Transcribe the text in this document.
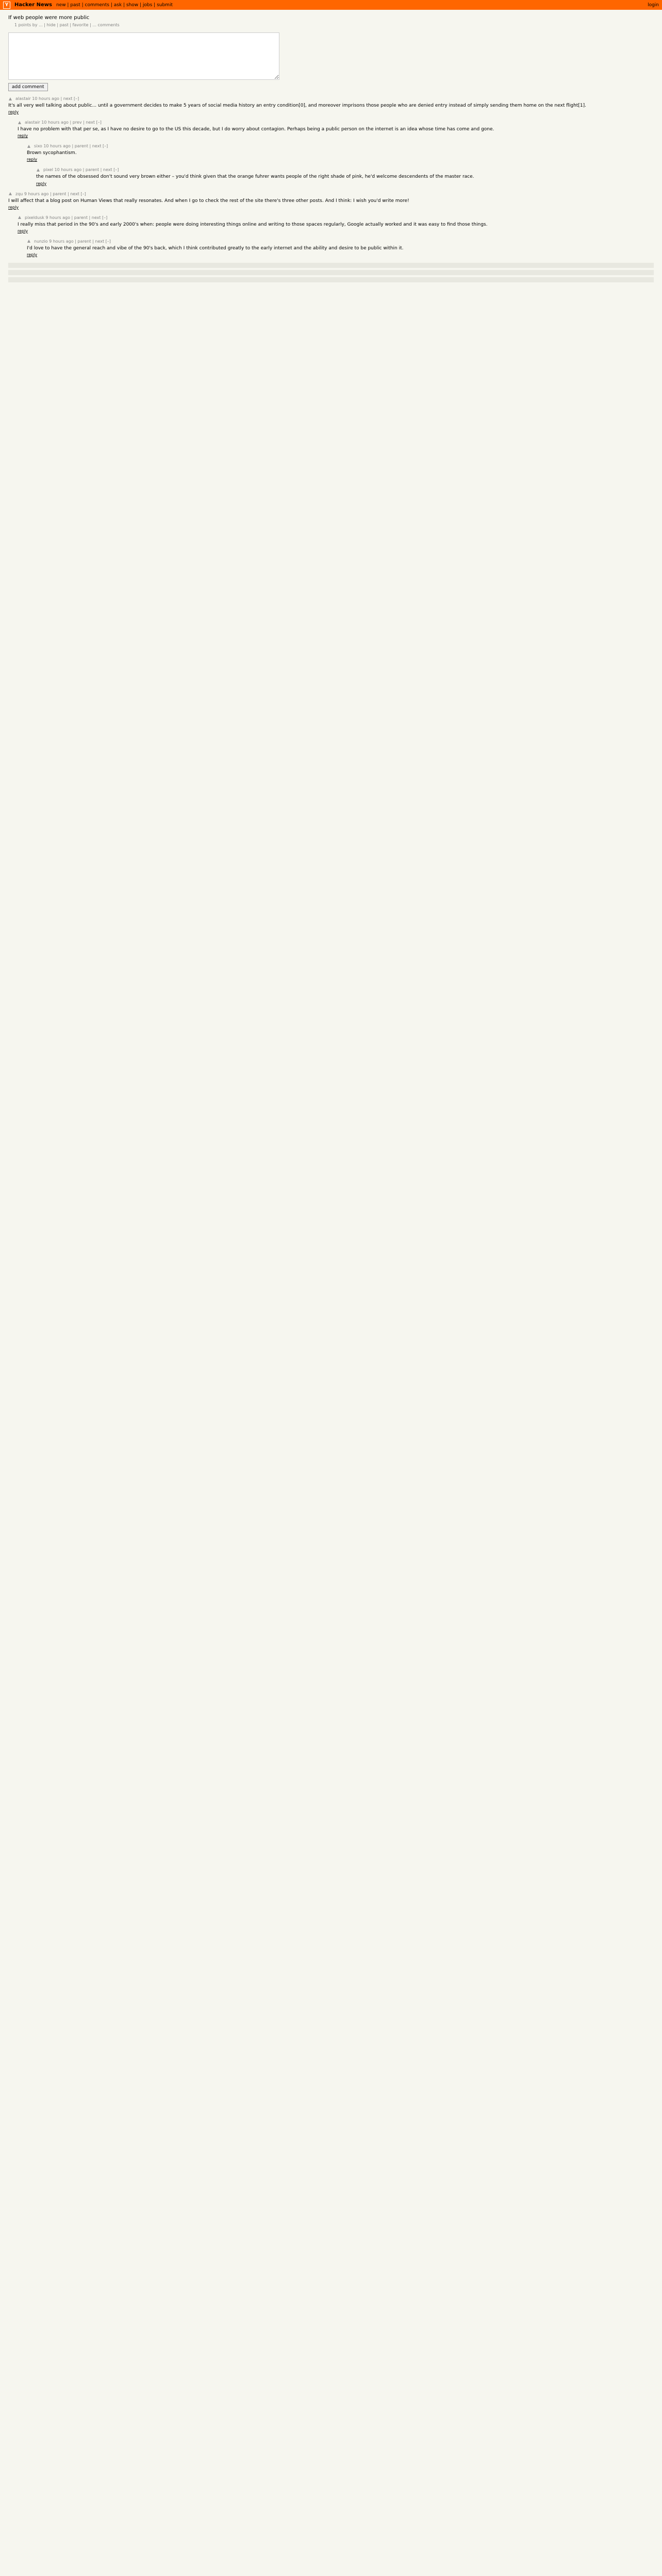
Y	Hacker News new | past | comments | ask | show | jobs | submit	login
If web people were more public
1 points by ... | hide | past | favorite | ... comments
add comment
alastair 10 hours ago | next [–]
It's all very well talking about public... until a government decides to make 5 years of social media history an entry condition[0], and moreover imprisons those people who are denied entry instead of simply sending them home on the next flight[1].
reply
alastair 10 hours ago | prev | next [–]
I have no problem with that per se, as I have no desire to go to the US this decade, but I do worry about contagion. Perhaps being a public person on the internet is an idea whose time has come and gone.
reply
sixo 10 hours ago | parent | next [–]
Brown sycophantism.
reply
pixel 10 hours ago | parent | next [–]
the names of the obsessed don't sound very brown either – you'd think given that the orange fuhrer wants people of the right shade of pink, he'd welcome descendents of the master race.
reply
zqu 9 hours ago | parent | next [–]
I will affect that a blog post on Human Views that really resonates. And when I go to check the rest of the site there's three other posts. And I think: I wish you'd write more!
reply
pixeldusk 9 hours ago | parent | next [–]
I really miss that period in the 90's and early 2000's when: people were doing interesting things online and writing to those spaces regularly, Google actually worked and it was easy to find those things.
reply
nunzio 9 hours ago | parent | next [–]
I'd love to have the general reach and vibe of the 90's back, which I think contributed greatly to the early internet and the ability and desire to be public within it.
reply
